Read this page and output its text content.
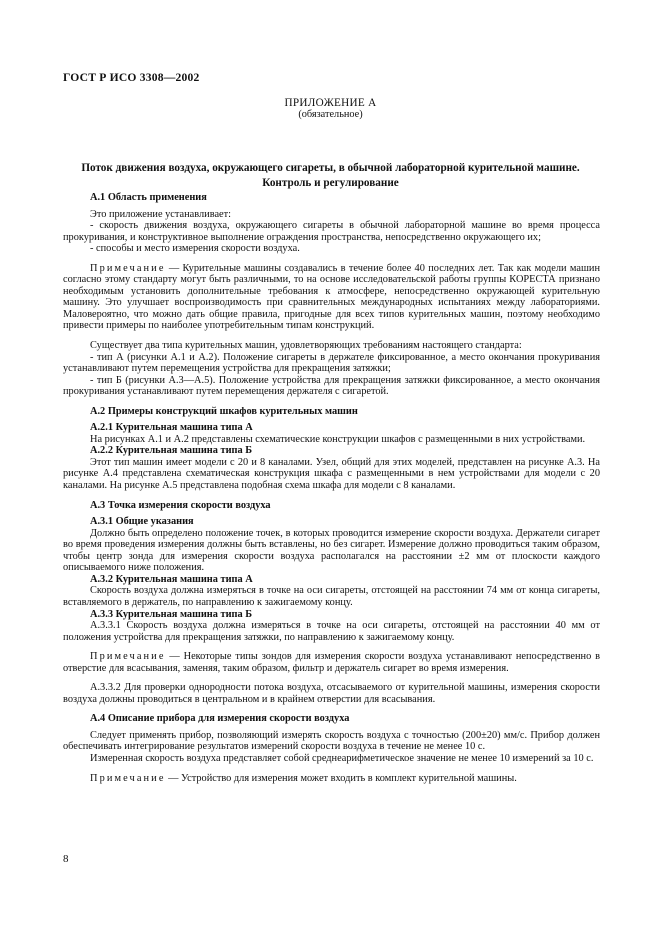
ГОСТ Р ИСО 3308—2002
ПРИЛОЖЕНИЕ А
(обязательное)
Поток движения воздуха, окружающего сигареты, в обычной лабораторной курительной машине.
Контроль и регулирование

А.1 Область применения

Это приложение устанавливает:

- скорость движения воздуха, окружающего сигареты в обычной лабораторной машине во время процесса прокуривания, и конструктивное выполнение ограждения пространства, непосредственно окружающего их;

- способы и место измерения скорости воздуха.

Примечание — Курительные машины создавались в течение более 40 последних лет. Так как модели машин согласно этому стандарту могут быть различными, то на основе исследовательской работы группы КОРЕСТА признано необходимым установить дополнительные требования к атмосфере, непосредственно окружающей курительную машину. Это улучшает воспроизводимость при сравнительных международных испытаниях между лабораториями. Маловероятно, что можно дать общие правила, пригодные для всех типов курительных машин, поэтому необходимо привести примеры по наиболее употребительным типам конструкций.

Существует два типа курительных машин, удовлетворяющих требованиям настоящего стандарта:

- тип А (рисунки А.1 и А.2). Положение сигареты в держателе фиксированное, а место окончания прокуривания устанавливают путем перемещения устройства для прекращения затяжки;

- тип Б (рисунки А.3—А.5). Положение устройства для прекращения затяжки фиксированное, а место окончания прокуривания устанавливают путем перемещения держателя с сигаретой.

А.2 Примеры конструкций шкафов курительных машин

А.2.1 Курительная машина типа А

На рисунках А.1 и А.2 представлены схематические конструкции шкафов с размещенными в них устройствами.

А.2.2 Курительная машина типа Б

Этот тип машин имеет модели с 20 и 8 каналами. Узел, общий для этих моделей, представлен на рисунке А.3. На рисунке А.4 представлена схематическая конструкция шкафа с размещенными в нем устройствами для модели с 20 каналами. На рисунке А.5 представлена подобная схема шкафа для модели с 8 каналами.

А.3 Точка измерения скорости воздуха

А.3.1 Общие указания

Должно быть определено положение точек, в которых проводится измерение скорости воздуха. Держатели сигарет во время проведения измерения должны быть вставлены, но без сигарет. Измерение должно проводиться таким образом, чтобы центр зонда для измерения скорости воздуха располагался на расстоянии ±2 мм от плоскости каждого описываемого ниже положения.

А.3.2 Курительная машина типа А

Скорость воздуха должна измеряться в точке на оси сигареты, отстоящей на расстоянии 74 мм от конца сигареты, вставляемого в держатель, по направлению к зажигаемому концу.

А.3.3 Курительная машина типа Б

А.3.3.1 Скорость воздуха должна измеряться в точке на оси сигареты, отстоящей на расстоянии 40 мм от положения устройства для прекращения затяжки, по направлению к зажигаемому концу.

Примечание — Некоторые типы зондов для измерения скорости воздуха устанавливают непосредственно в отверстие для всасывания, заменяя, таким образом, фильтр и держатель сигарет во время измерения.

А.3.3.2 Для проверки однородности потока воздуха, отсасываемого от курительной машины, измерения скорости воздуха должны проводиться в центральном и в крайнем отверстии для всасывания.

А.4 Описание прибора для измерения скорости воздуха

Следует применять прибор, позволяющий измерять скорость воздуха с точностью (200±20) мм/с. Прибор должен обеспечивать интегрирование результатов измерений скорости воздуха в течение не менее 10 с.

Измеренная скорость воздуха представляет собой среднеарифметическое значение не менее 10 измерений за 10 с.

Примечание — Устройство для измерения может входить в комплект курительной машины.

8
